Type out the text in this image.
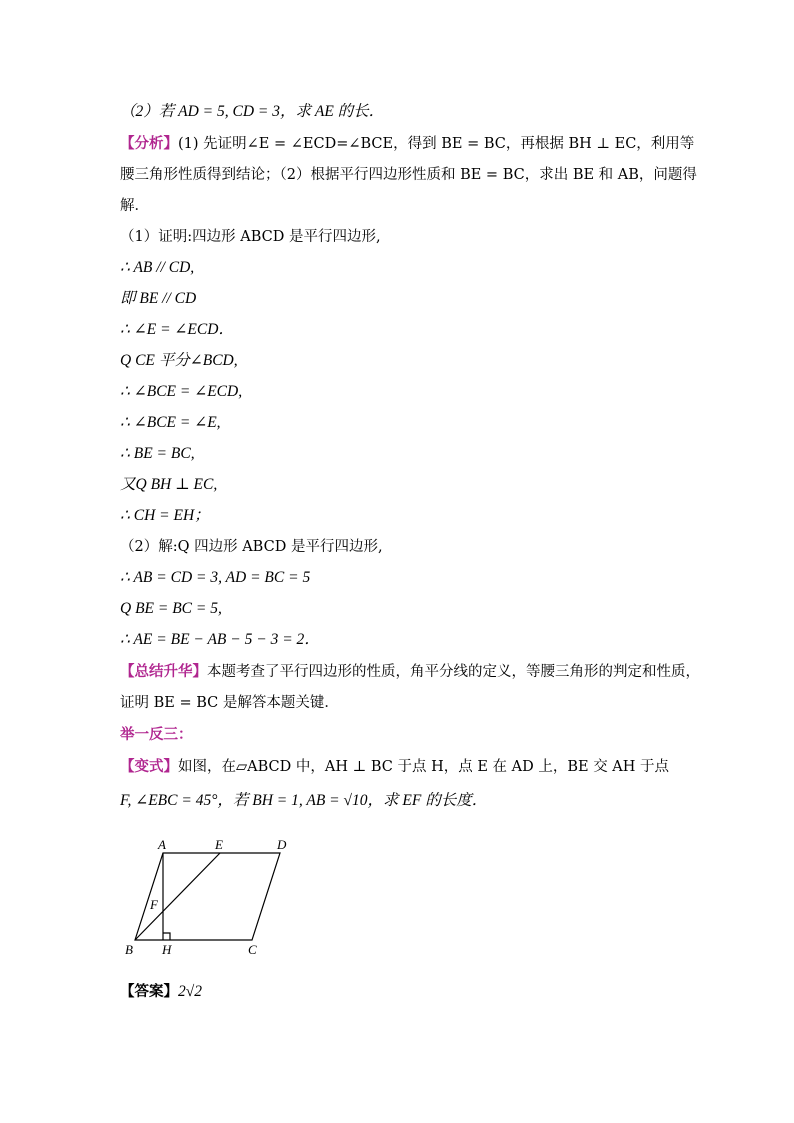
（2）若 AD = 5, CD = 3，求 AE 的长．
【分析】(1) 先证明∠E = ∠ECD=∠BCE，得到 BE = BC，再根据 BH ⊥ EC，利用等
腰三角形性质得到结论；（2）根据平行四边形性质和 BE = BC，求出 BE 和 AB，问题得
解．
（1）证明:四边形 ABCD 是平行四边形,
∴ AB // CD,
即 BE // CD
∴ ∠E = ∠ECD．
Q CE 平分∠BCD,
∴ ∠BCE = ∠ECD,
∴ ∠BCE = ∠E,
∴ BE = BC,
又Q BH ⊥ EC,
∴ CH = EH；
（2）解:Q 四边形 ABCD 是平行四边形,
∴ AB = CD = 3, AD = BC = 5
Q BE = BC = 5,
∴ AE = BE − AB − 5 − 3 = 2．
【总结升华】本题考查了平行四边形的性质，角平分线的定义，等腰三角形的判定和性质，
证明 BE = BC 是解答本题关键．
举一反三：
【变式】如图，在▱ABCD 中，AH ⊥ BC 于点 H，点 E 在 AD 上，BE 交 AH 于点
F, ∠EBC = 45°，若 BH = 1, AB = √10，求 EF 的长度．
A	E	D
F
B H	C
【答案】2√2
